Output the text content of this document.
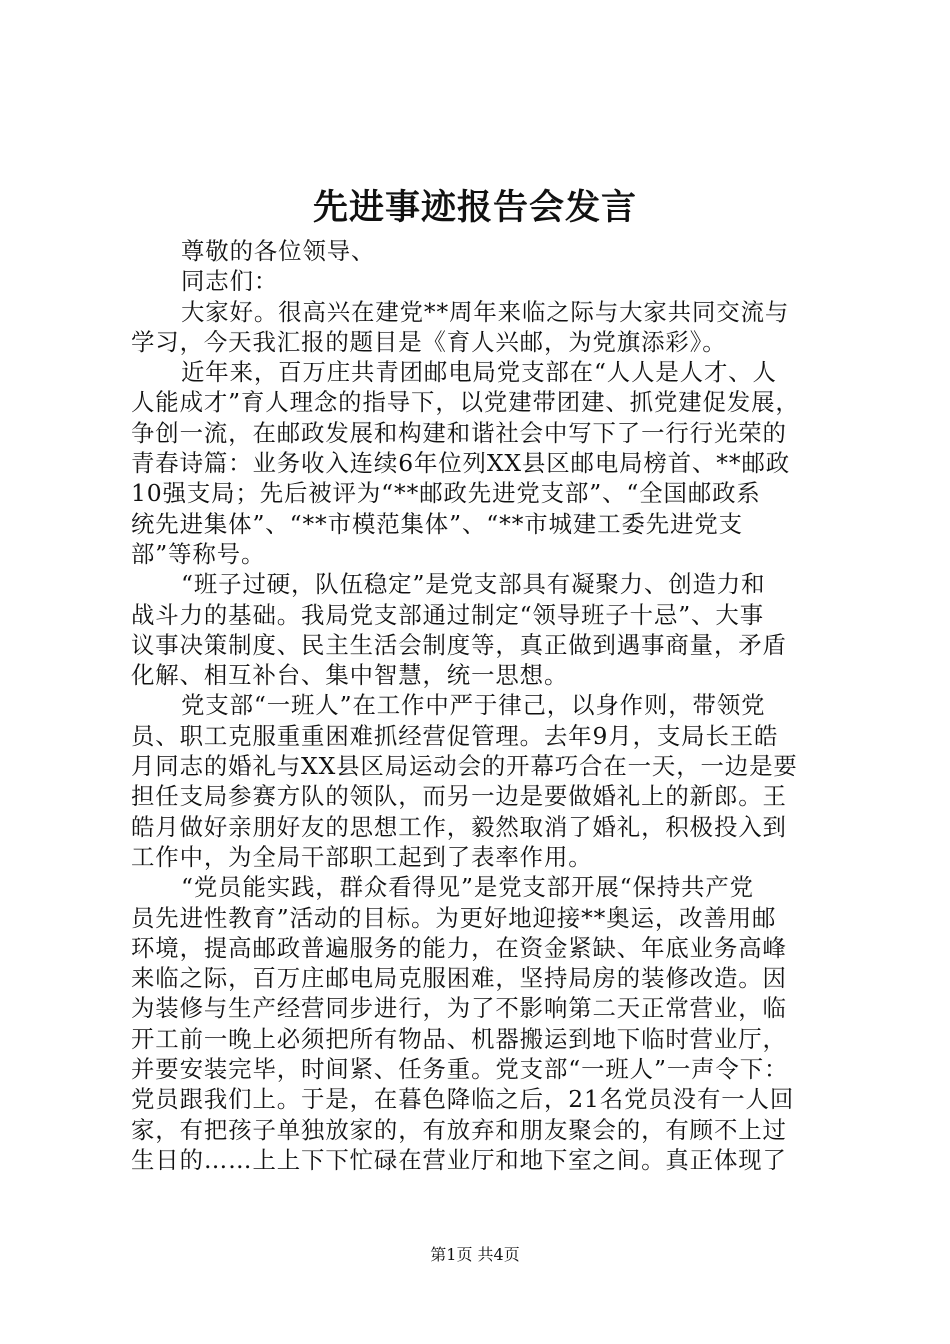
先进事迹报告会发言
尊敬的各位领导、
同志们：
大家好。很高兴在建党**周年来临之际与大家共同交流与
学习，今天我汇报的题目是《育人兴邮，为党旗添彩》。
近年来，百万庄共青团邮电局党支部在“人人是人才、人
人能成才”育人理念的指导下，以党建带团建、抓党建促发展，
争创一流，在邮政发展和构建和谐社会中写下了一行行光荣的
青春诗篇：业务收入连续6年位列XX县区邮电局榜首、**邮政
10强支局；先后被评为“**邮政先进党支部”、“全国邮政系
统先进集体”、“**市模范集体”、“**市城建工委先进党支
部”等称号。
“班子过硬，队伍稳定”是党支部具有凝聚力、创造力和
战斗力的基础。我局党支部通过制定“领导班子十忌”、大事
议事决策制度、民主生活会制度等，真正做到遇事商量，矛盾
化解、相互补台、集中智慧，统一思想。
党支部“一班人”在工作中严于律己，以身作则，带领党
员、职工克服重重困难抓经营促管理。去年9月，支局长王皓
月同志的婚礼与XX县区局运动会的开幕巧合在一天，一边是要
担任支局参赛方队的领队，而另一边是要做婚礼上的新郎。王
皓月做好亲朋好友的思想工作，毅然取消了婚礼，积极投入到
工作中，为全局干部职工起到了表率作用。
“党员能实践，群众看得见”是党支部开展“保持共产党
员先进性教育”活动的目标。为更好地迎接**奥运，改善用邮
环境，提高邮政普遍服务的能力，在资金紧缺、年底业务高峰
来临之际，百万庄邮电局克服困难，坚持局房的装修改造。因
为装修与生产经营同步进行，为了不影响第二天正常营业，临
开工前一晚上必须把所有物品、机器搬运到地下临时营业厅，
并要安装完毕，时间紧、任务重。党支部“一班人”一声令下：
党员跟我们上。于是，在暮色降临之后，21名党员没有一人回
家，有把孩子单独放家的，有放弃和朋友聚会的，有顾不上过
生日的……上上下下忙碌在营业厅和地下室之间。真正体现了
第1页 共4页
